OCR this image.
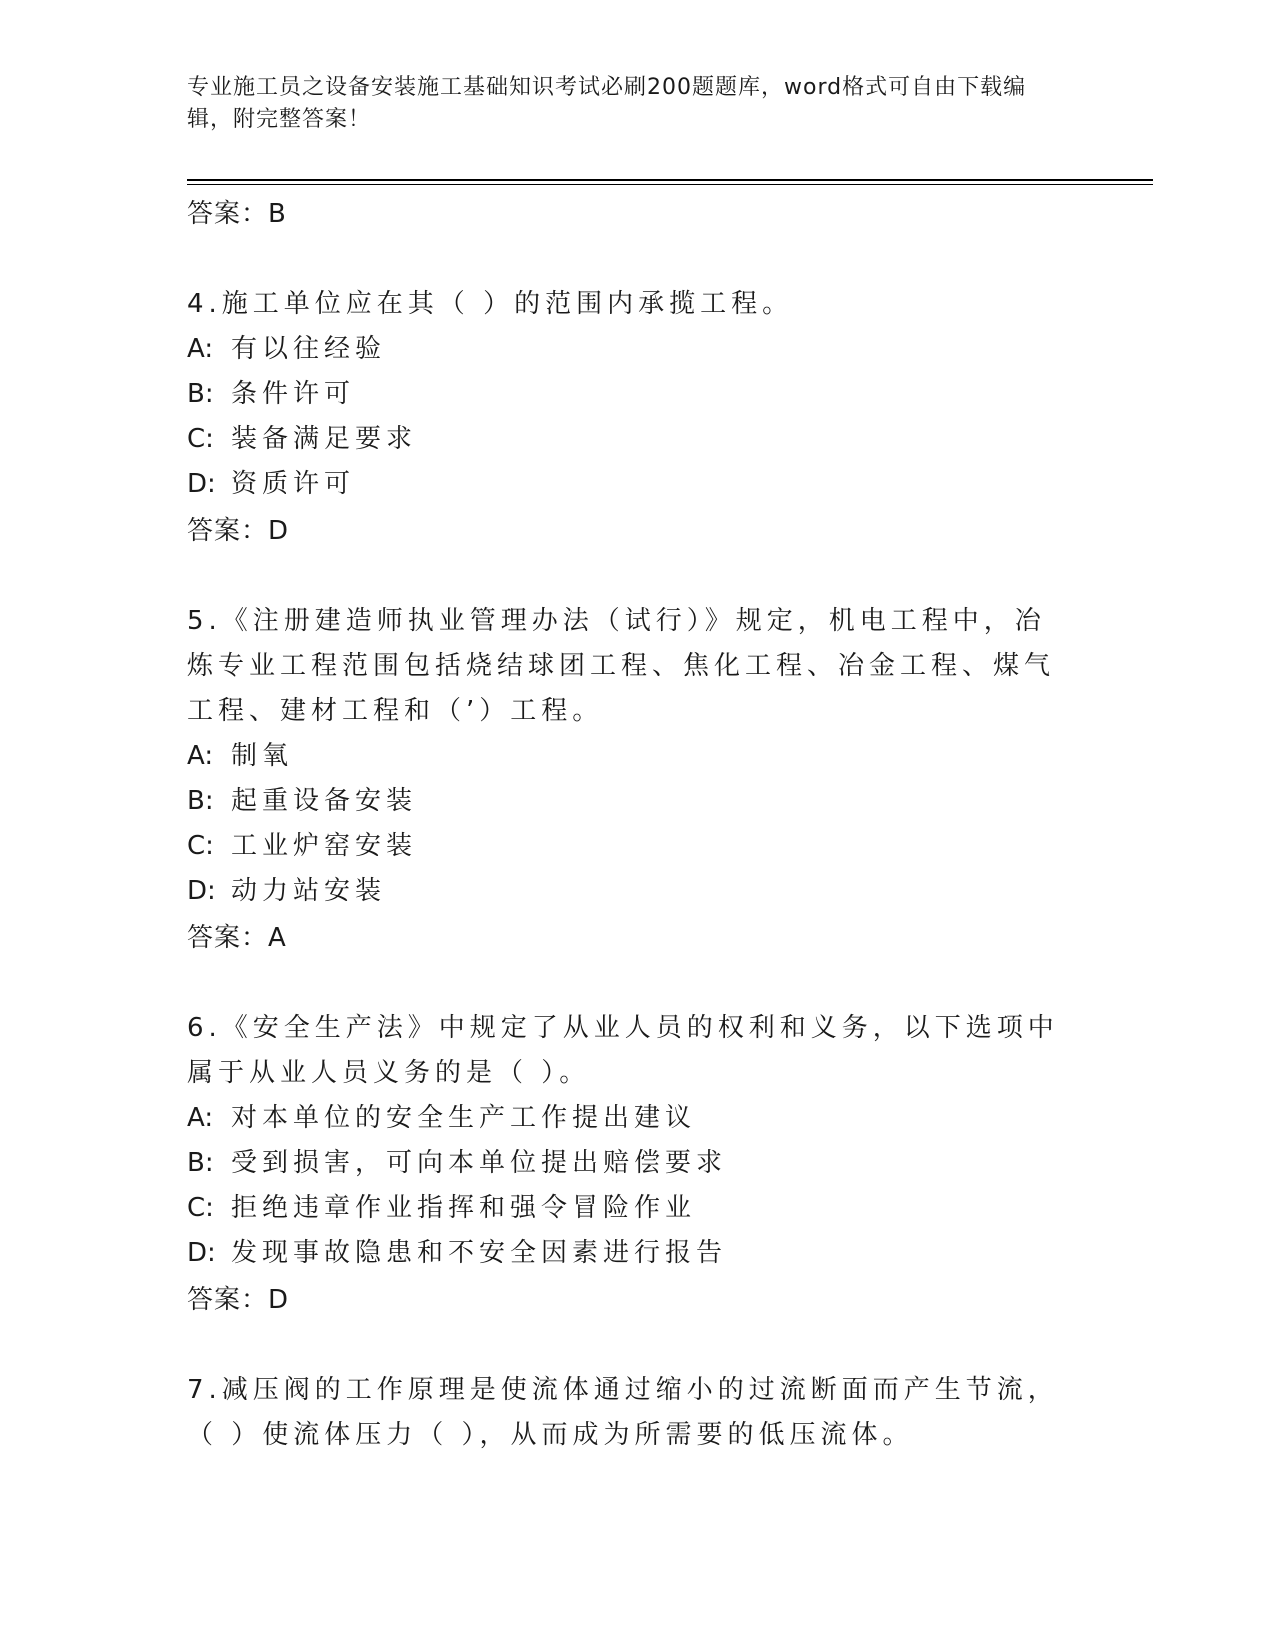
专业施工员之设备安装施工基础知识考试必刷200题题库，word格式可自由下载编辑，附完整答案！
答案：B
4.施工单位应在其（ ）的范围内承揽工程。
A: 有以往经验
B: 条件许可
C: 装备满足要求
D: 资质许可
答案：D
5.《注册建造师执业管理办法（试行）》规定，机电工程中，冶炼专业工程范围包括烧结球团工程、焦化工程、冶金工程、煤气工程、建材工程和（’）工程。
A: 制氧
B: 起重设备安装
C: 工业炉窑安装
D: 动力站安装
答案：A
6.《安全生产法》中规定了从业人员的权利和义务，以下选项中属于从业人员义务的是（ ）。
A: 对本单位的安全生产工作提出建议
B: 受到损害，可向本单位提出赔偿要求
C: 拒绝违章作业指挥和强令冒险作业
D: 发现事故隐患和不安全因素进行报告
答案：D
7.减压阀的工作原理是使流体通过缩小的过流断面而产生节流，（ ）使流体压力（ ），从而成为所需要的低压流体。
